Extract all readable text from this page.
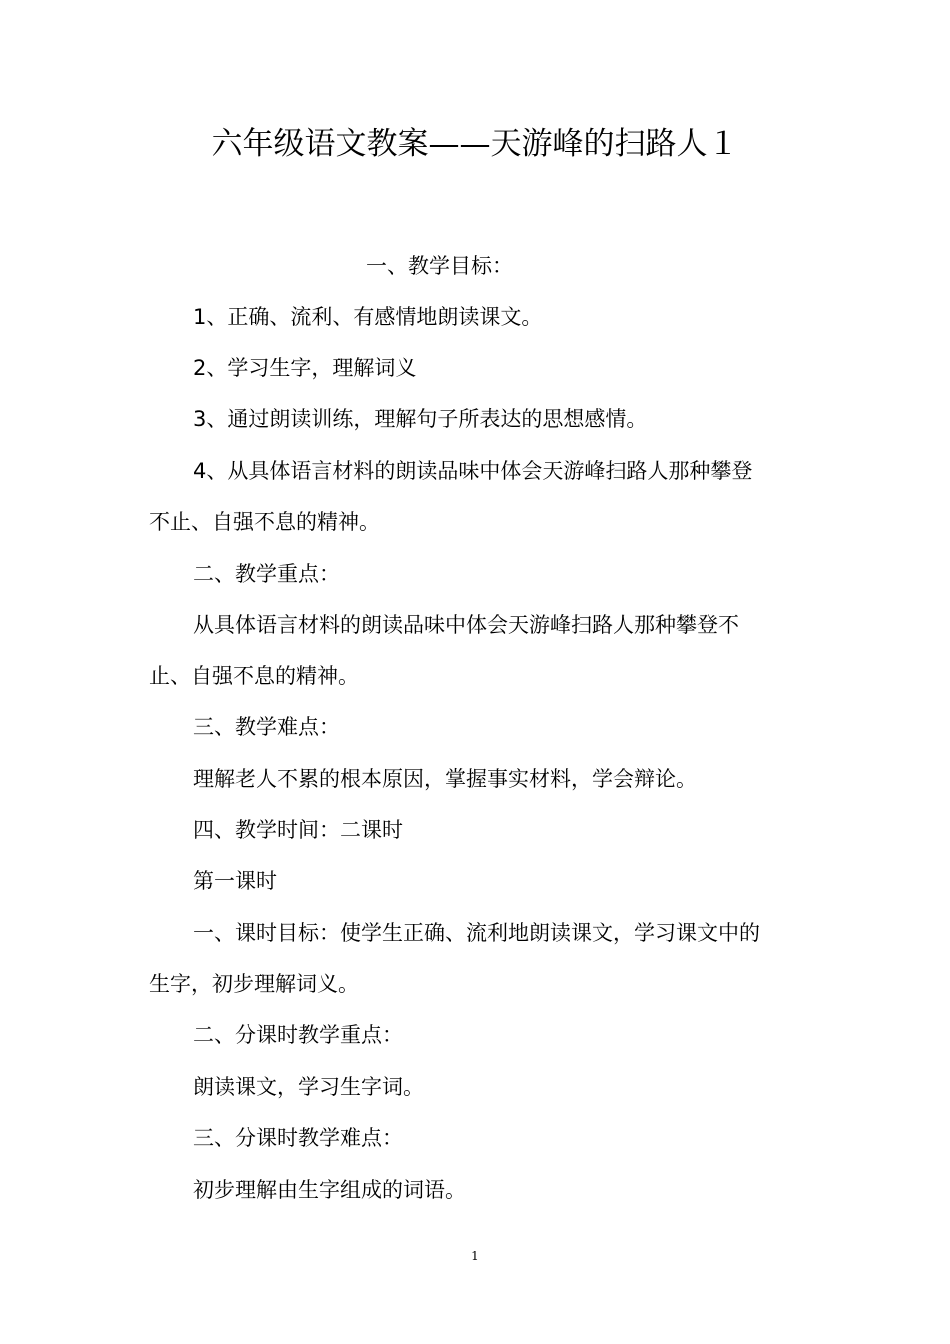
六年级语文教案——天游峰的扫路人１
一、教学目标：
1、正确、流利、有感情地朗读课文。
2、学习生字，理解词义
3、通过朗读训练，理解句子所表达的思想感情。
4、从具体语言材料的朗读品味中体会天游峰扫路人那种攀登
不止、自强不息的精神。
二、教学重点：
从具体语言材料的朗读品味中体会天游峰扫路人那种攀登不
止、自强不息的精神。
三、教学难点：
理解老人不累的根本原因，掌握事实材料，学会辩论。
四、教学时间：二课时
第一课时
一、课时目标：使学生正确、流利地朗读课文，学习课文中的
生字，初步理解词义。
二、分课时教学重点：
朗读课文，学习生字词。
三、分课时教学难点：
初步理解由生字组成的词语。
1
